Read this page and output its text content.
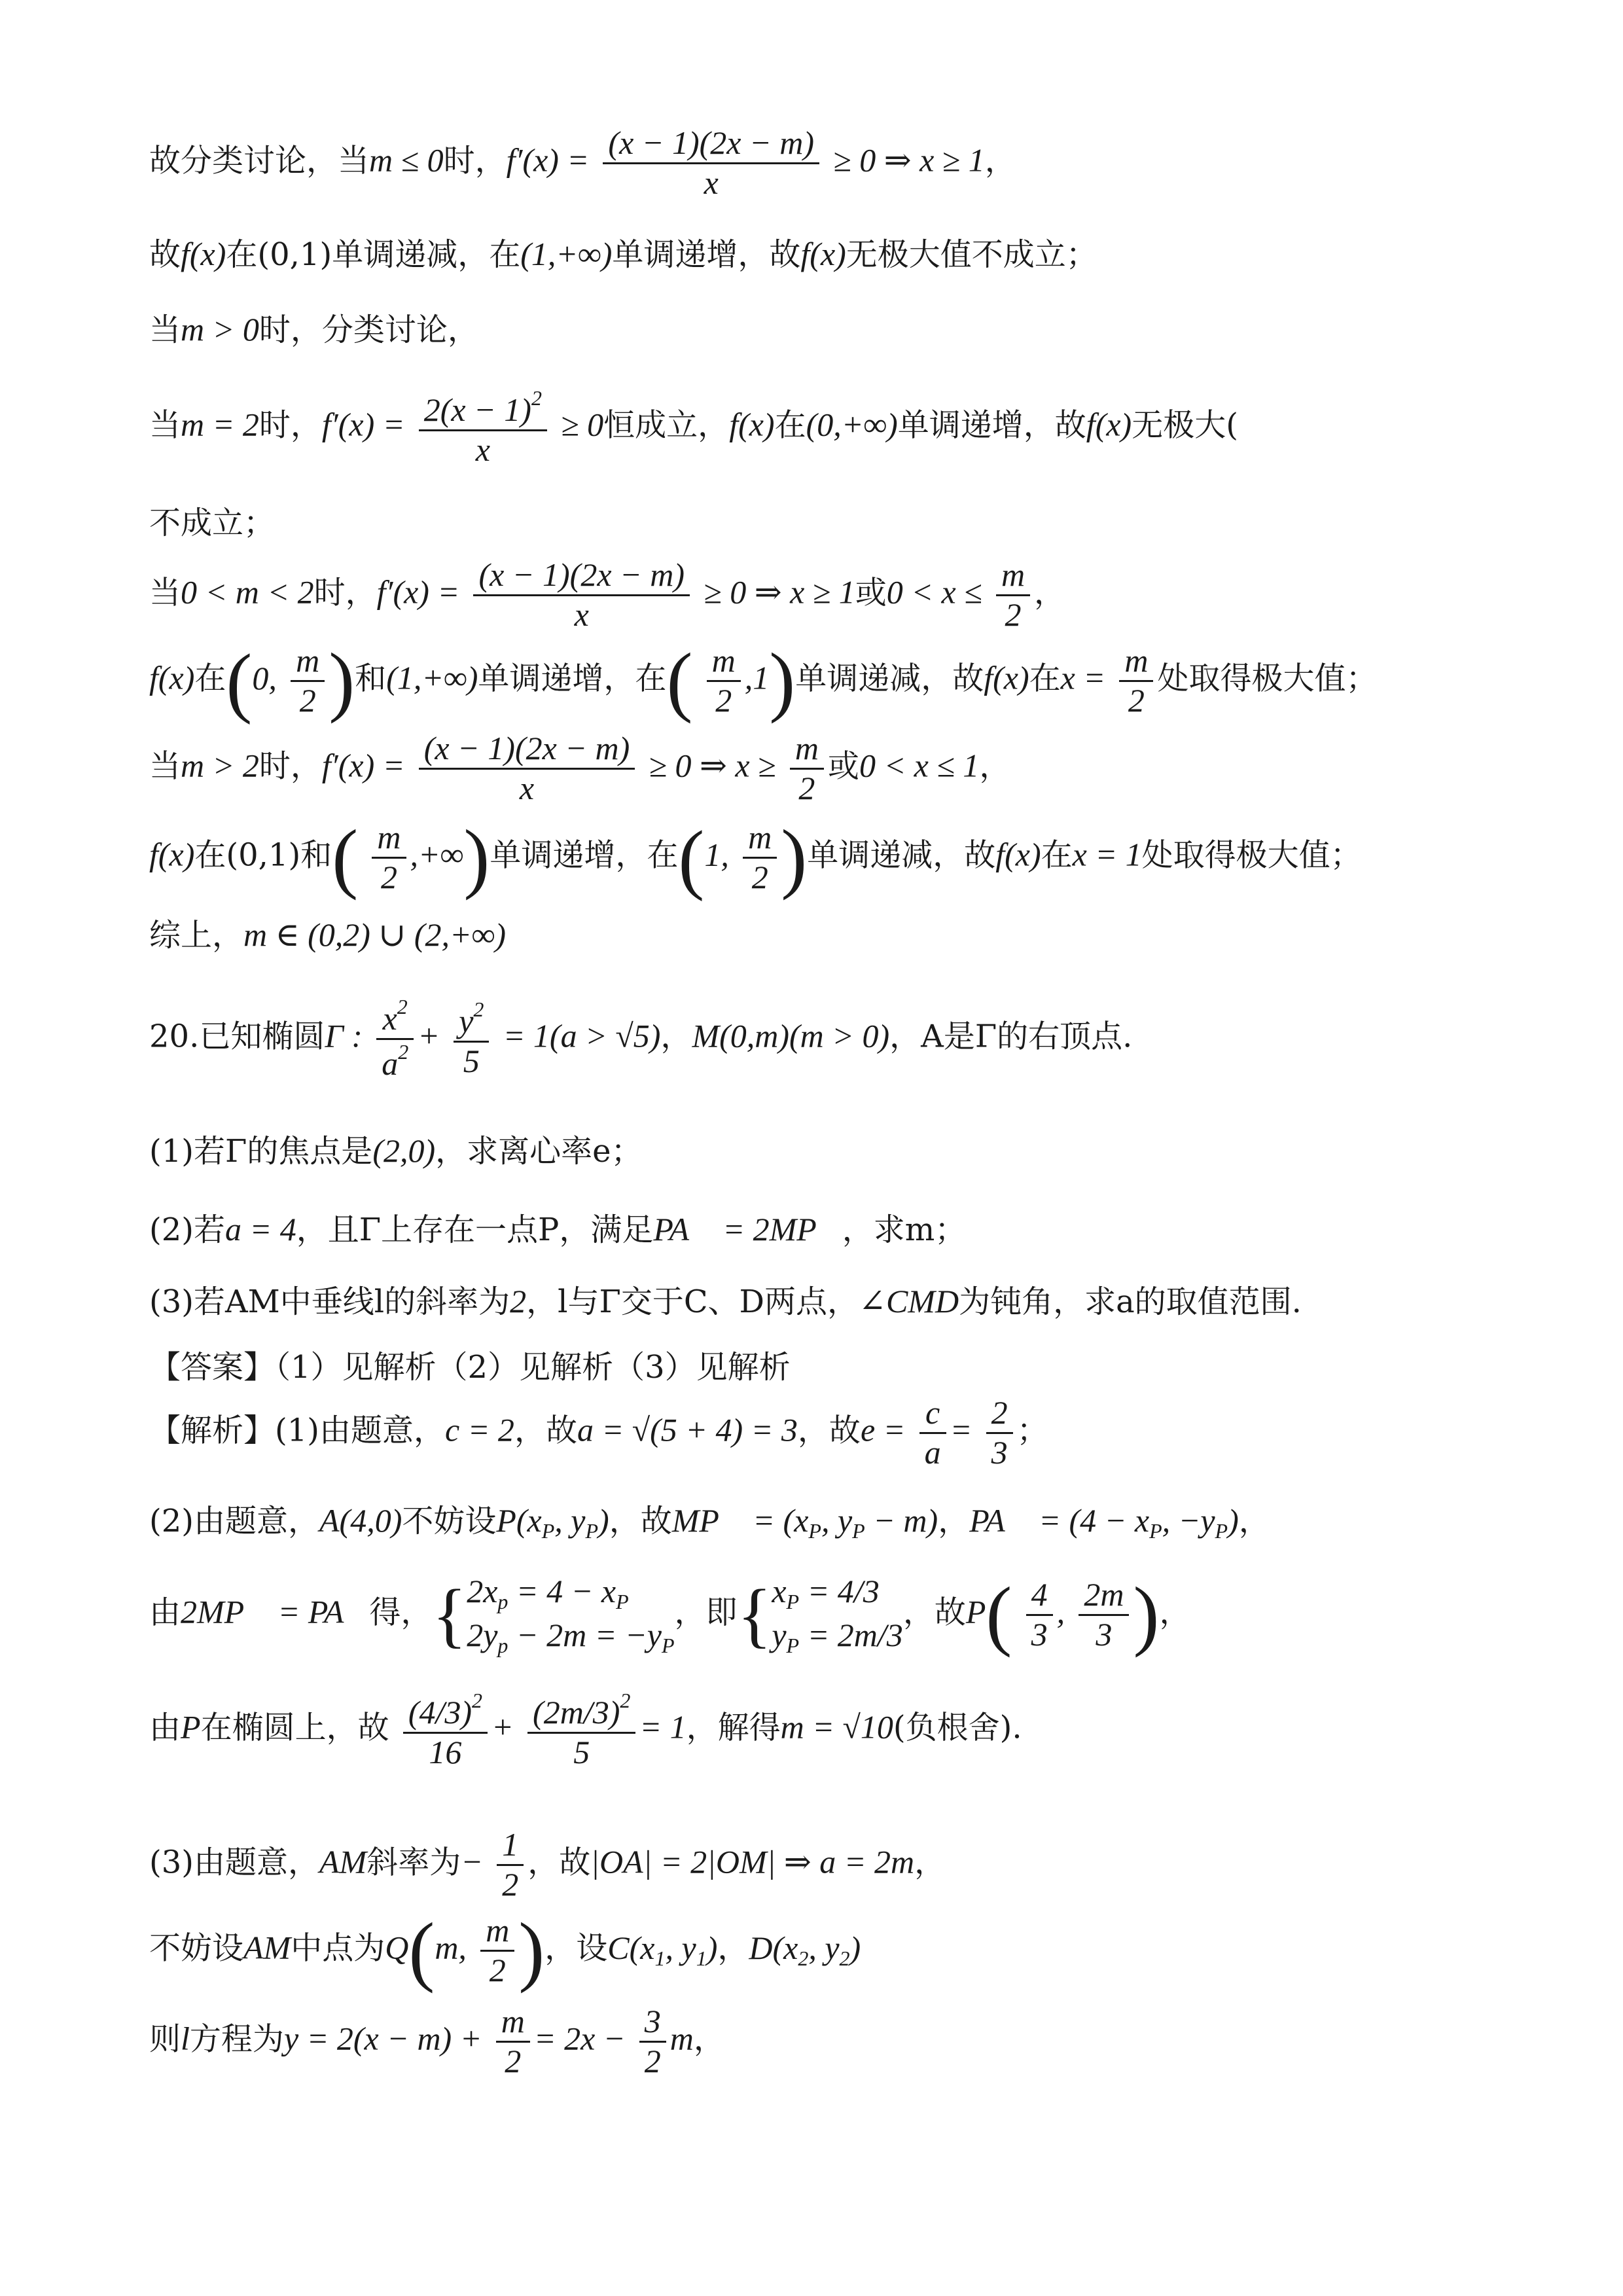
故分类讨论，当m ≤ 0时，$f'(x) = \frac{(x - 1)(2x - m)}{x} \ge 0$ ⇒ x ≥ 1，
故f(x)在(0,1)单调递减，在(1,+∞)单调递增，故f(x)无极大值不成立；
当m > 0时，分类讨论，
当m = 2时，$f'(x) = \frac{2(x - 1)^2}{x} \ge 0$恒成立，f(x)在(0,+∞)单调递增，故f(x)无极大(
不成立；
当0 < m < 2时，$f'(x) = \frac{(x - 1)(2x - m)}{x} \ge 0$ ⇒ x ≥ 1或$0 < x \le \frac{m}{2}$ ，
f(x)在(0, $\frac{m}{2}$ )和(1,+∞)单调递增，在( $\frac{m}{2} ,1$)单调递减，故f(x)在$x = \frac{m}{2}$ 处取得极大值；
当m > 2时，$f'(x) = \frac{(x - 1)(2x - m)}{x} \ge 0$ ⇒ $x \ge \frac{m}{2}$ 或0 < x ≤ 1，
f(x)在(0,1)和( $\frac{m}{2}$ ,+∞)单调递增，在(1, $\frac{m}{2}$ )单调递减，故f(x)在x = 1处取得极大值；
综上，m ∈ (0,2) ∪ (2,+∞)
20.已知椭圆Γ : $\frac{x^2}{a^2} + \frac{y^2}{5} = 1(a > √5)$，M(0,m)(m > 0)，A是Γ的右顶点.
(1)若Γ的焦点是(2,0)，求离心率e；
(2)若a = 4，且Γ上存在一点P，满足PA⃗ = 2MP⃗，求m；
(3)若AM中垂线l的斜率为2，l与Γ交于C、D两点，∠CMD为钝角，求a的取值范围.
【答案】（1）见解析（2）见解析（3）见解析
【解析】(1)由题意，c = 2，故a = √(5 + 4) = 3，故$e = \frac{c}{a} = \frac{2}{3}$ ；
(2)由题意，A(4,0)不妨设$P(x_P$, $y_P$)，故MP⃗ = ($x_P$, $y_P - m$)，PA⃗ = ($4 - x_P$, $-y_P$)，
由2MP⃗ = PA⃗得，{ $2x_p = 4 - x_P$
$2y_p - 2m = -y_P$
，即{ $x_P = 4/3$
$y_P = 2m/3$
，故$P( \frac{4}{3}$ , $\frac{2m}{3}$ )，
由P在椭圆上，故 $\frac{(4/3)^2}{16} + \frac{(2m/3)^2}{5} = 1$，解得m = √10(负根舍).
(3)由题意，AM斜率为− $\frac{1}{2}$ ，故|OA| = 2|OM| ⇒ a = 2m，
不妨设AM中点为Q(m, $\frac{m}{2}$ )，设$C(x_1$, $y_1$)，$D(x_2$, $y_2$)
则l方程为$y = 2(x - m) + \frac{m}{2} = 2x - \frac{3}{2}$ m，
